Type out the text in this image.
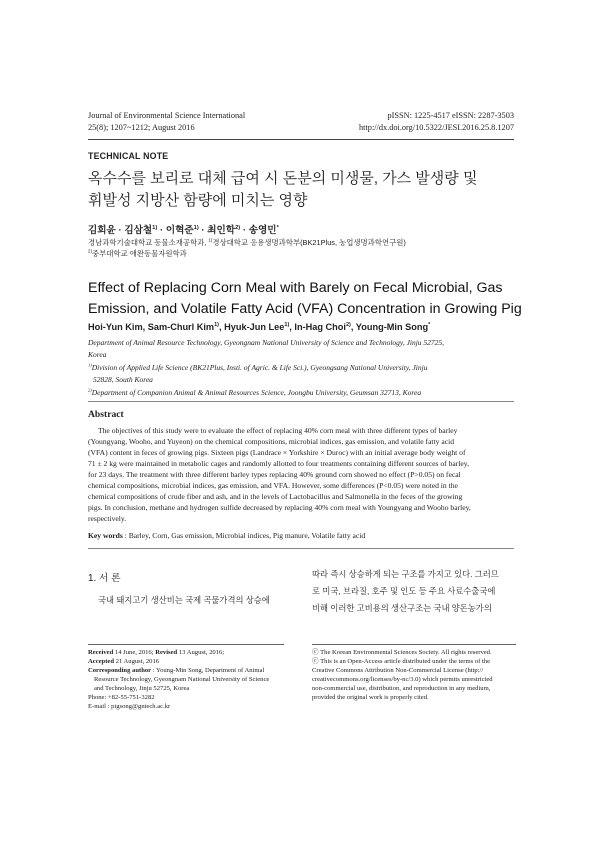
Journal of Environmental Science International
25(8); 1207~1212; August 2016
pISSN: 1225-4517 eISSN: 2287-3503
http://dx.doi.org/10.5322/JESI.2016.25.8.1207
TECHNICAL NOTE
옥수수를 보리로 대체 급여 시 돈분의 미생물, 가스 발생량 및
휘발성 지방산 함량에 미치는 영향
김회윤 · 김삼철$^{1)}$ · 이혁준$^{1)}$ · 최인학$^{2)}$ · 송영민*
경남과학기술대학교 동물소재공학과, $^{1)}$경상대학교 응용생명과학부(BK21Plus, 농업생명과학연구원)
$^{2)}$중부대학교 애완동물자원학과
Effect of Replacing Corn Meal with Barely on Fecal Microbial, Gas
Emission, and Volatile Fatty Acid (VFA) Concentration in Growing Pig
Hoi-Yun Kim, Sam-Churl Kim$^{1)}$, Hyuk-Jun Lee$^{1)}$, In-Hag Choi$^{2)}$, Young-Min Song*
Department of Animal Resource Technology, Gyeongnam National University of Science and Technology, Jinju 52725,
Korea
$^{1)}$Division of Applied Life Science (BK21Plus, Insti. of Agric. & Life Sci.), Gyeongsang National University, Jinju
52828, South Korea
$^{2)}$Department of Companion Animal & Animal Resources Science, Joongbu University, Geumsan 32713, Korea
Abstract
The objectives of this study were to evaluate the effect of replacing 40% corn meal with three different types of barley
(Youngyang, Wooho, and Yuyeon) on the chemical compositions, microbial indices, gas emission, and volatile fatty acid
(VFA) content in feces of growing pigs. Sixteen pigs (Landrace × Yorkshire × Duroc) with an initial average body weight of
71 ± 2 kg were maintained in metabolic cages and randomly allotted to four treatments containing different sources of barley,
for 23 days. The treatment with three different barley types replacing 40% ground corn showed no effect (P>0.05) on fecal
chemical compositions, microbial indices, gas emission, and VFA. However, some differences (P<0.05) were noted in the
chemical compositions of crude fiber and ash, and in the levels of Lactobacillus and Salmonella in the feces of the growing
pigs. In conclusion, methane and hydrogen sulfide decreased by replacing 40% corn meal with Youngyang and Wooho barley,
respectively.
Key words : Barley, Corn, Gas emission, Microbial indices, Pig manure, Volatile fatty acid
1. 서 론
국내 돼지고기 생산비는 국제 곡물가격의 상승에
따라 즉시 상승하게 되는 구조를 가지고 있다. 그러므
로 미국, 브라질, 호주 및 인도 등 주요 사료수출국에
비해 이러한 고비용의 생산구조는 국내 양돈농가의
Received 14 June, 2016; Revised 13 August, 2016;
Accepted 21 August, 2016
Corresponding author : Young-Min Song, Department of Animal
Resource Technology, Gyeongnam National University of Science
and Technology, Jinju 52725, Korea
Phone: +82-55-751-3282
E-mail : pigsong@gntech.ac.kr
ⓒ The Korean Environmental Sciences Society. All rights reserved.
ⓒ This is an Open-Access article distributed under the terms of the
Creative Commons Attribution Non-Commercial License (http://
creativecommons.org/licenses/by-nc/3.0) which permits unrestricted
non-commercial use, distribution, and reproduction in any medium,
provided the original work is properly cited.
